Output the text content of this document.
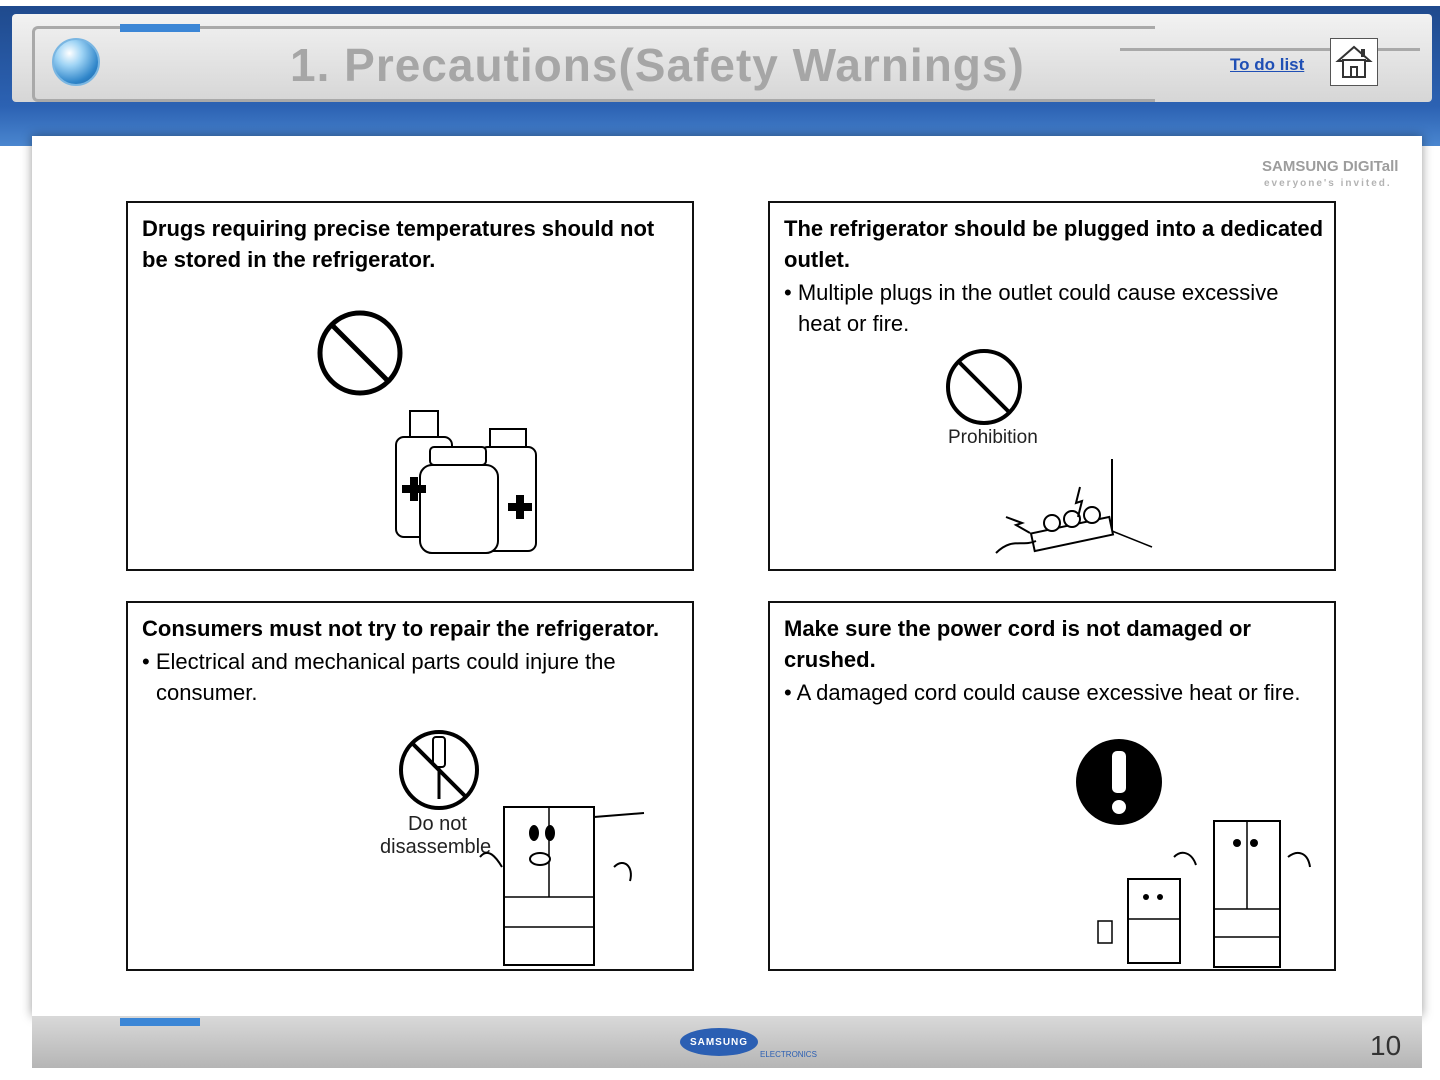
1. Precautions(Safety Warnings)	To do list
SAMSUNG DIGITall
everyone's invited.
Drugs requiring precise temperatures should not be stored in the refrigerator.
The refrigerator should be plugged into a dedicated outlet.
• Multiple plugs in the outlet could cause excessive heat or fire.
Prohibition
Consumers must not try to repair the refrigerator.
• Electrical and mechanical parts could injure the consumer.
Do not
disassemble
Make sure the power cord is not damaged or crushed.
• A damaged cord could cause excessive heat or fire.
SAMSUNG
ELECTRONICS	10
